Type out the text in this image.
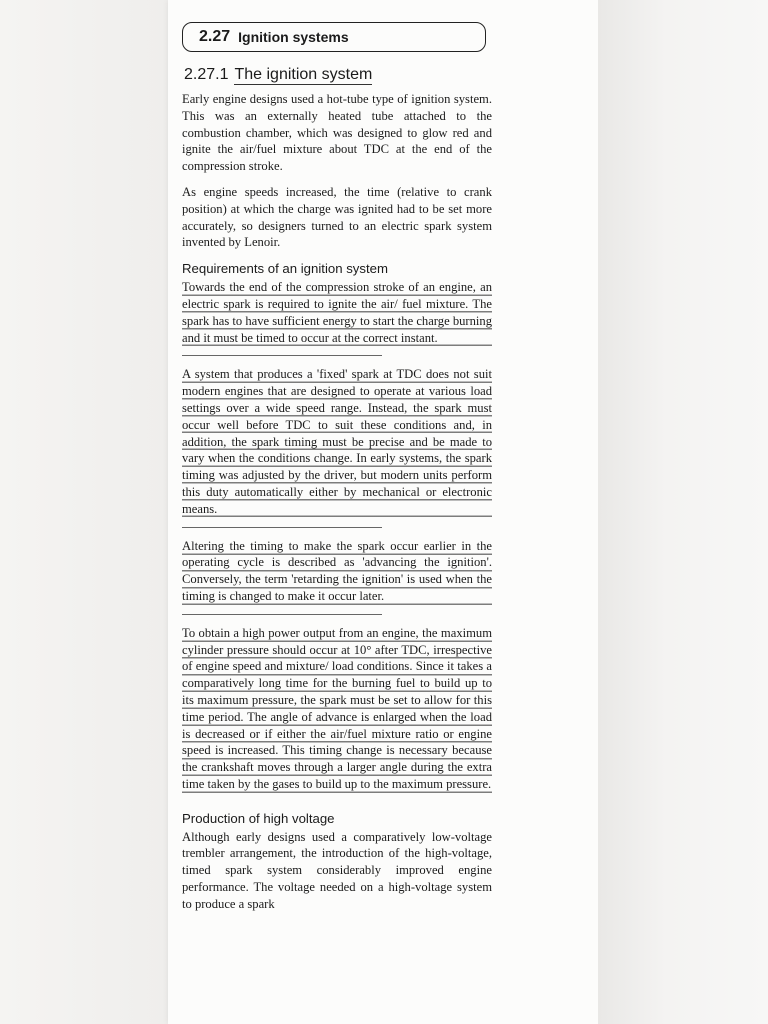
2.27 Ignition systems
2.27.1 The ignition system

Early engine designs used a hot-tube type of ignition system. This was an externally heated tube attached to the combustion chamber, which was designed to glow red and ignite the air/fuel mixture about TDC at the end of the compression stroke.

As engine speeds increased, the time (relative to crank position) at which the charge was ignited had to be set more accurately, so designers turned to an electric spark system invented by Lenoir.

Requirements of an ignition system

Towards the end of the compression stroke of an engine, an electric spark is required to ignite the air/ fuel mixture. The spark has to have sufficient energy to start the charge burning and it must be timed to occur at the correct instant.

A system that produces a 'fixed' spark at TDC does not suit modern engines that are designed to operate at various load settings over a wide speed range. Instead, the spark must occur well before TDC to suit these conditions and, in addition, the spark timing must be precise and be made to vary when the conditions change. In early systems, the spark timing was adjusted by the driver, but modern units perform this duty automatically either by mechanical or electronic means.

Altering the timing to make the spark occur earlier in the operating cycle is described as 'advancing the ignition'. Conversely, the term 'retarding the ignition' is used when the timing is changed to make it occur later.

To obtain a high power output from an engine, the maximum cylinder pressure should occur at 10° after TDC, irrespective of engine speed and mixture/ load conditions. Since it takes a comparatively long time for the burning fuel to build up to its maximum pressure, the spark must be set to allow for this time period. The angle of advance is enlarged when the load is decreased or if either the air/fuel mixture ratio or engine speed is increased. This timing change is necessary because the crankshaft moves through a larger angle during the extra time taken by the gases to build up to the maximum pressure.

Production of high voltage

Although early designs used a comparatively low-voltage trembler arrangement, the introduction of the high-voltage, timed spark system considerably improved engine performance. The voltage needed on a high-voltage system to produce a spark
